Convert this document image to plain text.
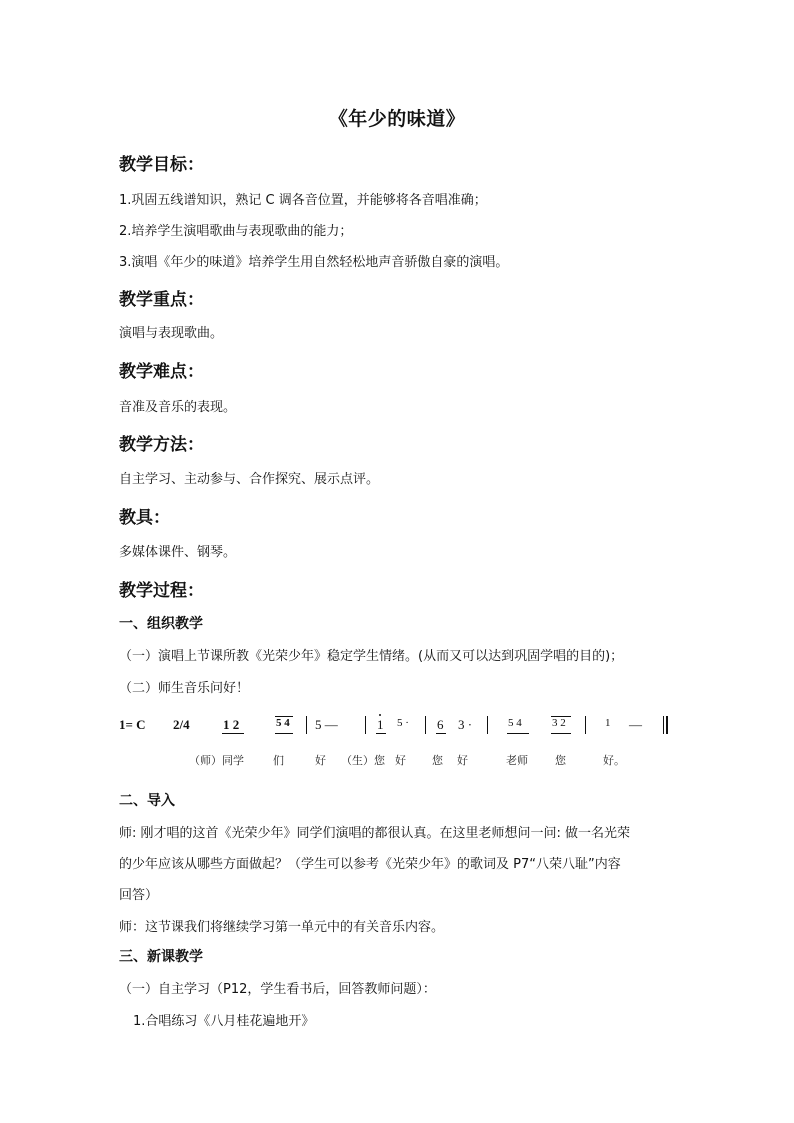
《年少的味道》
教学目标：
1.巩固五线谱知识，熟记 C 调各音位置，并能够将各音唱准确；
2.培养学生演唱歌曲与表现歌曲的能力；
3.演唱《年少的味道》培养学生用自然轻松地声音骄傲自豪的演唱。
教学重点：
演唱与表现歌曲。
教学难点：
音准及音乐的表现。
教学方法：
自主学习、主动参与、合作探究、展示点评。
教具：
多媒体课件、钢琴。
教学过程：
一、组织教学
（一）演唱上节课所教《光荣少年》稳定学生情绪。(从而又可以达到巩固学唱的目的)；
（二）师生音乐问好！
1= C 2/4	1 2	5 4 5 —	1 5 · 6 3 ·	5 4	3 2	1 —
（师）同学	们	好 （生）您 好 您 好	老师 您	好。
二、导入
师: 刚才唱的这首《光荣少年》同学们演唱的都很认真。在这里老师想问一问: 做一名光荣
的少年应该从哪些方面做起？（学生可以参考《光荣少年》的歌词及 P7“八荣八耻”内容
回答）
师：这节课我们将继续学习第一单元中的有关音乐内容。
三、新课教学
（一）自主学习（P12，学生看书后，回答教师问题）：
1.合唱练习《八月桂花遍地开》
